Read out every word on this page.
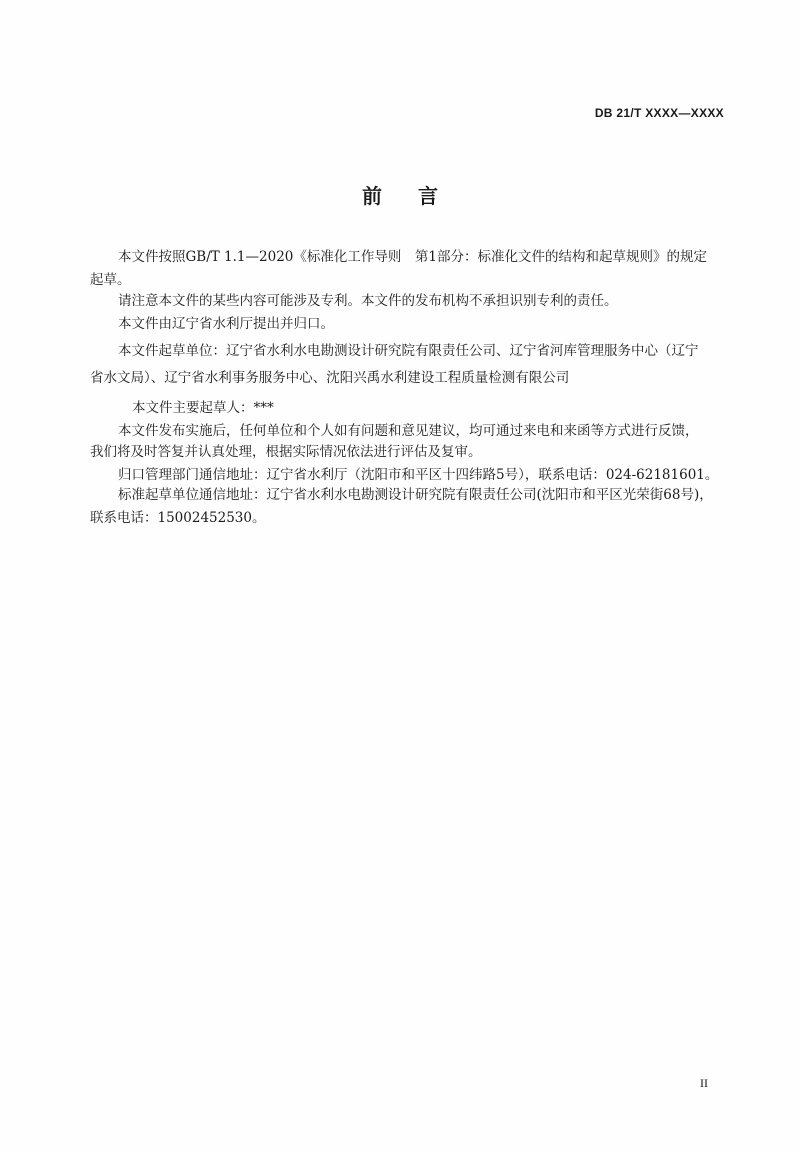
DB 21/T XXXX—XXXX
前言
本文件按照GB/T 1.1—2020《标准化工作导则　第1部分：标准化文件的结构和起草规则》的规定
起草。
请注意本文件的某些内容可能涉及专利。本文件的发布机构不承担识别专利的责任。
本文件由辽宁省水利厅提出并归口。
本文件起草单位：辽宁省水利水电勘测设计研究院有限责任公司、辽宁省河库管理服务中心（辽宁
省水文局）、辽宁省水利事务服务中心、沈阳兴禹水利建设工程质量检测有限公司
本文件主要起草人：***
本文件发布实施后，任何单位和个人如有问题和意见建议，均可通过来电和来函等方式进行反馈，
我们将及时答复并认真处理，根据实际情况依法进行评估及复审。
归口管理部门通信地址：辽宁省水利厅（沈阳市和平区十四纬路5号），联系电话：024-62181601。
标准起草单位通信地址：辽宁省水利水电勘测设计研究院有限责任公司(沈阳市和平区光荣街68号)，
联系电话：15002452530。
II
